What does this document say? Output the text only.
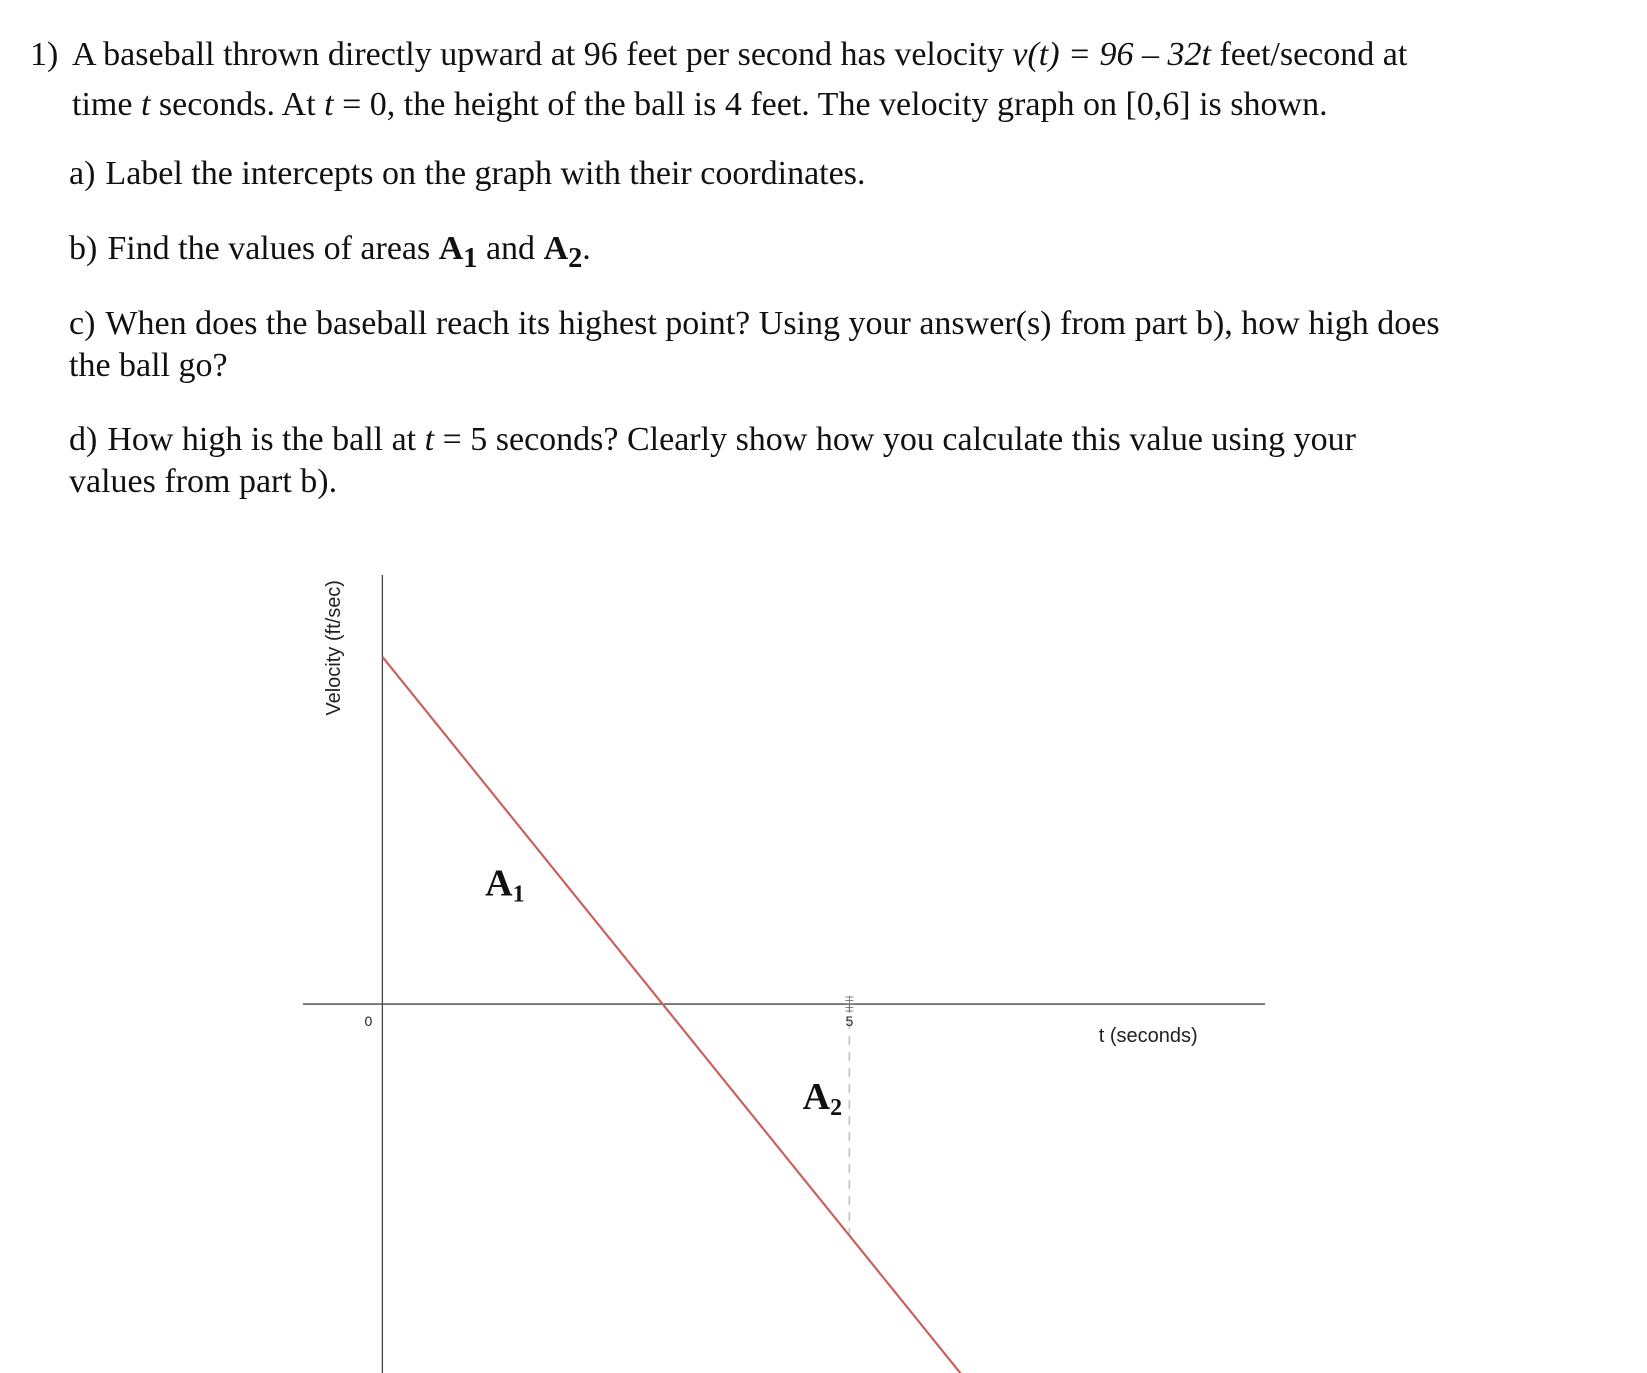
1) A baseball thrown directly upward at 96 feet per second has velocity v(t) = 96 – 32t feet/second at
time t seconds. At t = 0, the height of the ball is 4 feet. The velocity graph on [0,6] is shown.
a) Label the intercepts on the graph with their coordinates.
b) Find the values of areas $A_1$ and $A_2$.
c) When does the baseball reach its highest point? Using your answer(s) from part b), how high does
the ball go?
d) How high is the ball at t = 5 seconds? Clearly show how you calculate this value using your
values from part b).
5
0
t (seconds)
Velocity (ft/sec)
A1
A2
